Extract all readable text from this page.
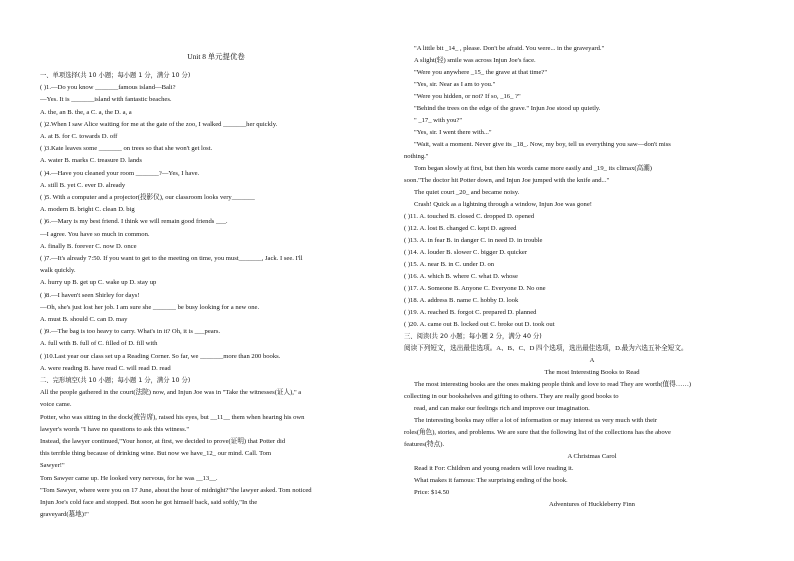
Unit 8 单元提优卷
一、单项选择(共 10 小题；每小题 1 分，满分 10 分)
( )1.—Do you know _______famous island—Bali?
—Yes. It is _______island with fantastic beaches.
A. the, an B. the, a C. a, the D. a, a
( )2.When I saw Alice waiting for me at the gate of the zoo, I walked _______her quickly.
A. at B. for C. towards D. off
( )3.Kate leaves some _______ on trees so that she won't get lost.
A. water B. marks C. treasure D. lands
( )4.—Have you cleaned your room _______?—Yes, I have.
A. still B. yet C. ever D. already
( )5. With a computer and a projector(投影仪), our classroom looks very_______
A. modern B. bright C. clean D. big
( )6.—Mary is my best friend. I think we will remain good friends ___.
—I agree. You have so much in common.
A. finally B. forever C. now D. once
( )7.—It's already 7:50. If you want to get to the meeting on time, you must_______, Jack. I see. I'll
walk quickly.
A. hurry up B. get up C. wake up D. stay up
( )8.—I haven't seen Shirley for days!
—Oh, she's just lost her job. I am sure she _______ be busy looking for a new one.
A. must B. should C. can D. may
( )9.—The bag is too heavy to carry. What's in it? Oh, it is ___pears.
A. full with B. full of C. filled of D. fill with
( )10.Last year our class set up a Reading Corner. So far, we _______more than 200 books.
A. were reading B. have read C. will read D. read
二、完形填空(共 10 小题；每小题 1 分，满分 10 分)
All the people gathered in the court(法院) now, and Injun Joe was in "Take the witnesses(证人)," a
voice came.
Potter, who was sitting in the dock(被告席), raised his eyes, but __11__ them when hearing his own
lawyer's words "I have no questions to ask this witness."
Instead, the lawyer continued,"Your honor, at first, we decided to prove(证明) that Potter did
this terrible thing because of drinking wine. But now we have_12_ our mind. Call. Tom
Sawyer!"
Tom Sawyer came up. He looked very nervous, for he was __13__.
"Tom Sawyer, where were you on 17 June, about the hour of midnight?"the lawyer asked. Tom noticed
Injun Joe's cold face and stopped. But soon he got himself back, said softly,"In the
graveyard(墓地)!"
"A little bit _14_ , please. Don't be afraid. You were... in the graveyard."
A slight(轻) smile was across Injun Joe's face.
"Were you anywhere _15_ the grave at that time?"
"Yes, sir. Near as I am to you."
"Were you hidden, or not? If so, _16_ ?"
"Behind the trees on the edge of the grave." Injun Joe stood up quietly.
" _17_ with you?"
"Yes, sir. I went there with..."
"Wait, wait a moment. Never give its _18_. Now, my boy, tell us everything you saw—don't miss
nothing."
Tom began slowly at first, but then his words came more easily and _19_ its climax(高潮)
soon."The doctor hit Potter down, and Injun Joe jumped with the knife and..."
The quiet court _20_ and became noisy.
Crash! Quick as a lightning through a window, Injun Joe was gone!
( )11. A. touched B. closed C. dropped D. opened
( )12. A. lost B. changed C. kept D. agreed
( )13. A. in fear B. in danger C. in need D. in trouble
( )14. A. louder B. slower C. bigger D. quicker
( )15. A. near B. in C. under D. on
( )16. A. which B. where C. what D. whose
( )17. A. Someone B. Anyone C. Everyone D. No one
( )18. A. address B. name C. hobby D. look
( )19. A. reached B. forgot C. prepared D. planned
( )20. A. came out B. locked out C. broke out D. took out
三、阅读(共 20 小题；每小题 2 分，满分 40 分)
阅读下列短文，选出最佳选项。A、B、C、D 四个选项，选出最佳选项，D.最为六选五补全短文。
A
The most Interesting Books to Read
The most interesting books are the ones making people think and love to read They are worth(值得……)
collecting in our bookshelves and gifting to others. They are really good books to
read, and can make our feelings rich and improve our imagination.
The interesting books may offer a lot of information or may interest us very much with their
roles(角色), stories, and problems. We are sure that the following list of the collections has the above
features(特点).
A Christmas Carol
Read it For: Children and young readers will love reading it.
What makes it famous: The surprising ending of the book.
Price: $14.50
Adventures of Huckleberry Finn
